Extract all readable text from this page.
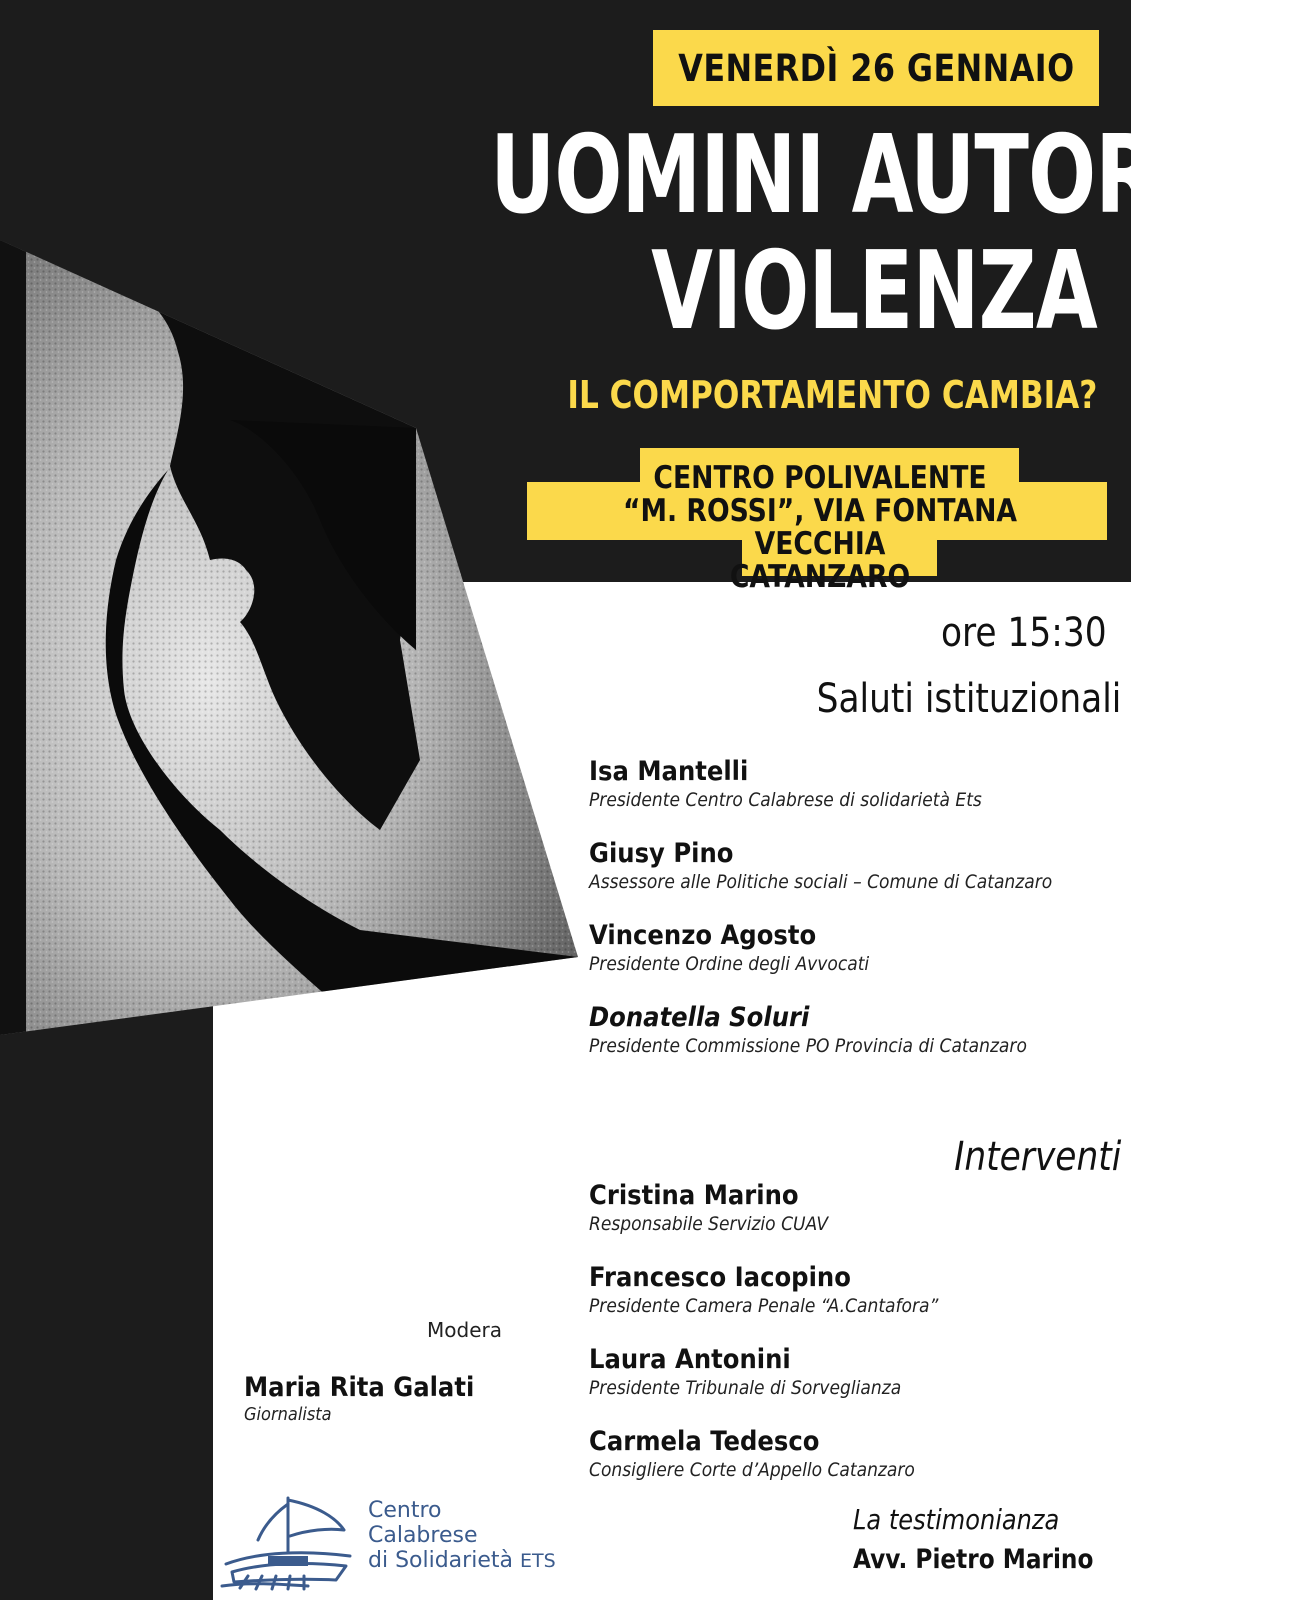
VENERDÌ 26 GENNAIO
UOMINI AUTORI DI
VIOLENZA
IL COMPORTAMENTO CAMBIA?
CENTRO POLIVALENTE
“M. ROSSI”, VIA FONTANA VECCHIA
CATANZARO
ore 15:30
Saluti istituzionali
Isa Mantelli
Presidente Centro Calabrese di solidarietà Ets
Giusy Pino
Assessore alle Politiche sociali – Comune di Catanzaro
Vincenzo Agosto
Presidente Ordine degli Avvocati
Donatella Soluri
Presidente Commissione PO Provincia di Catanzaro
Interventi
Cristina Marino
Responsabile Servizio CUAV
Francesco Iacopino
Presidente Camera Penale “A.Cantafora”
Laura Antonini
Presidente Tribunale di Sorveglianza
Carmela Tedesco
Consigliere Corte d’Appello Catanzaro
Modera
Maria Rita Galati
Giornalista
La testimonianza
Avv. Pietro Marino
Centro
Calabrese
di Solidarietà ETS
